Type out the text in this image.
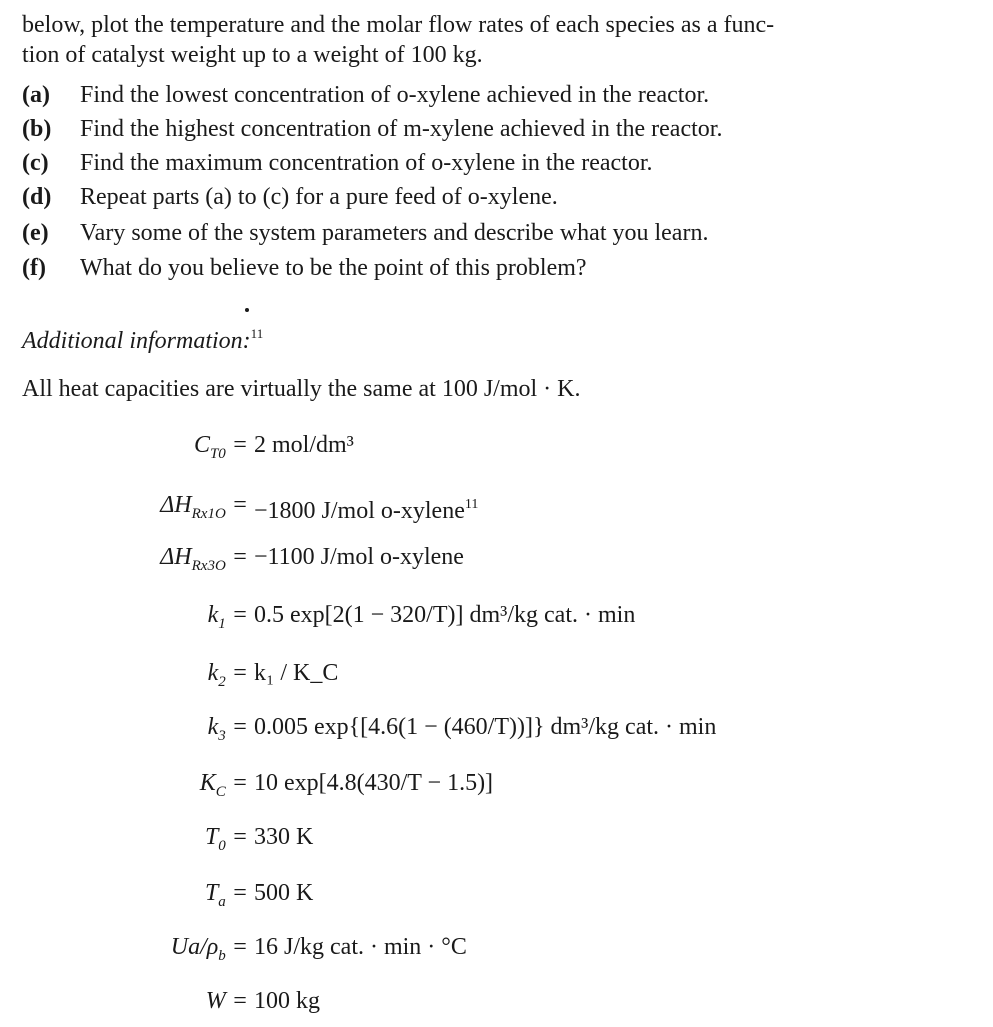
below, plot the temperature and the molar flow rates of each species as a func-
tion of catalyst weight up to a weight of 100 kg.
(a) Find the lowest concentration of o-xylene achieved in the reactor.
(b) Find the highest concentration of m-xylene achieved in the reactor.
(c) Find the maximum concentration of o-xylene in the reactor.
(d) Repeat parts (a) to (c) for a pure feed of o-xylene.
(e) Vary some of the system parameters and describe what you learn.
(f) What do you believe to be the point of this problem?
Additional information:$^{11}$
All heat capacities are virtually the same at 100 J/mol · K.
$C_{T0} = 2$ mol/dm³
$\Delta H_{Rx1O} = -1800$ J/mol o-xylene$^{11}$
$\Delta H_{Rx3O} = -1100$ J/mol o-xylene
$k_1 = 0.5$ exp[2(1 − 320/T)] dm³/kg cat. · min
$k_2 = k_1$ / K_C
$k_3 = 0.005$ exp{[4.6(1 − (460/T))]} dm³/kg cat. · min
$K_C = 10$ exp[4.8(430/T − 1.5)]
$T_0 = 330$ K
$T_a = 500$ K
$Ua/\rho_b = 16$ J/kg cat. · min · °C
W = 100 kg
